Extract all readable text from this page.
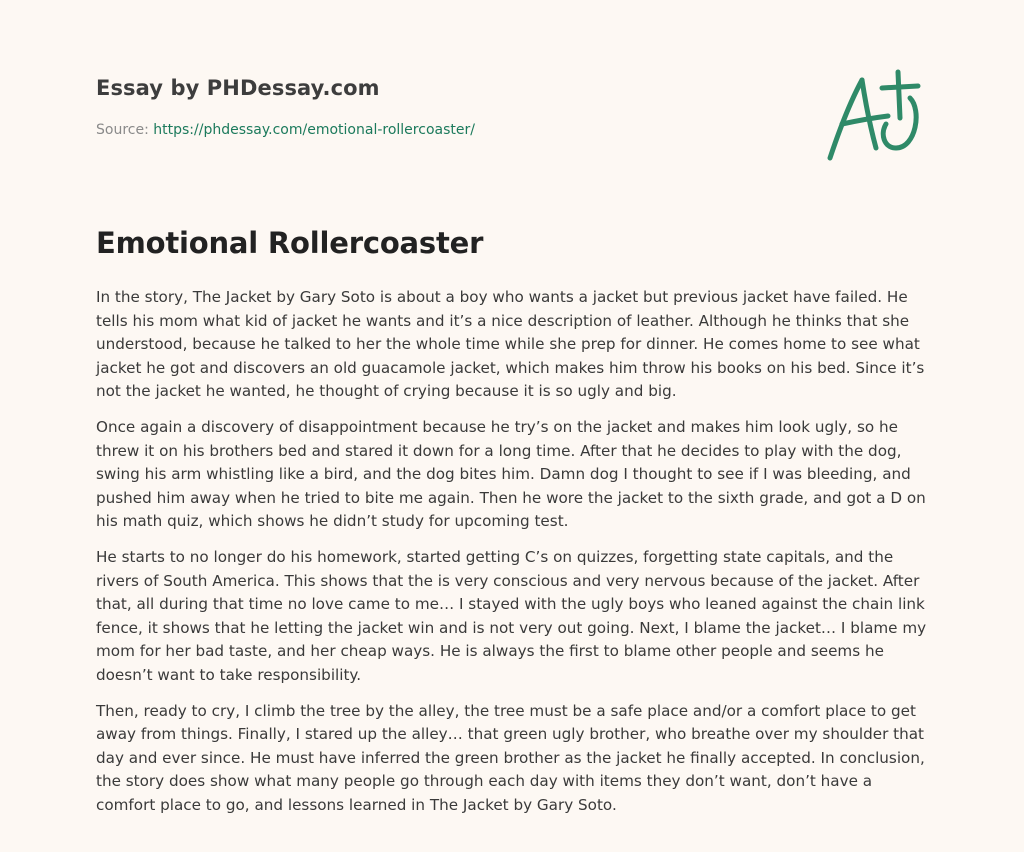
Essay by PHDessay.com
Source: https://phdessay.com/emotional-rollercoaster/
Emotional Rollercoaster

In the story, The Jacket by Gary Soto is about a boy who wants a jacket but previous jacket have failed. He tells his mom what kid of jacket he wants and it’s a nice description of leather. Although he thinks that she understood, because he talked to her the whole time while she prep for dinner. He comes home to see what jacket he got and discovers an old guacamole jacket, which makes him throw his books on his bed. Since it’s not the jacket he wanted, he thought of crying because it is so ugly and big.

Once again a discovery of disappointment because he try’s on the jacket and makes him look ugly, so he threw it on his brothers bed and stared it down for a long time. After that he decides to play with the dog, swing his arm whistling like a bird, and the dog bites him. Damn dog I thought to see if I was bleeding, and pushed him away when he tried to bite me again. Then he wore the jacket to the sixth grade, and got a D on his math quiz, which shows he didn’t study for upcoming test.

He starts to no longer do his homework, started getting C’s on quizzes, forgetting state capitals, and the rivers of South America. This shows that the is very conscious and very nervous because of the jacket. After that, all during that time no love came to me… I stayed with the ugly boys who leaned against the chain link fence, it shows that he letting the jacket win and is not very out going. Next, I blame the jacket… I blame my mom for her bad taste, and her cheap ways. He is always the first to blame other people and seems he doesn’t want to take responsibility.

Then, ready to cry, I climb the tree by the alley, the tree must be a safe place and/or a comfort place to get away from things. Finally, I stared up the alley… that green ugly brother, who breathe over my shoulder that day and ever since. He must have inferred the green brother as the jacket he finally accepted. In conclusion, the story does show what many people go through each day with items they don’t want, don’t have a comfort place to go, and lessons learned in The Jacket by Gary Soto.
